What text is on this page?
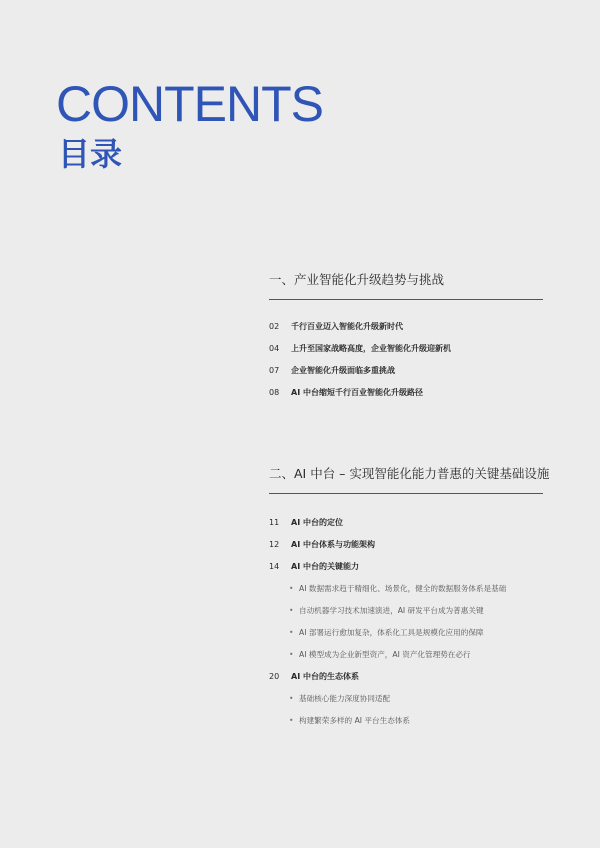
CONTENTS
目录
一、产业智能化升级趋势与挑战
02 千行百业迈入智能化升级新时代
04 上升至国家战略高度，企业智能化升级迎新机
07 企业智能化升级面临多重挑战
08 AI 中台缩短千行百业智能化升级路径
二、AI 中台 – 实现智能化能力普惠的关键基础设施
11 AI 中台的定位
12 AI 中台体系与功能架构
14 AI 中台的关键能力
• AI 数据需求趋于精细化、场景化，健全的数据服务体系是基础
• 自动机器学习技术加速演进，AI 研发平台成为普惠关键
• AI 部署运行愈加复杂，体系化工具是规模化应用的保障
• AI 模型成为企业新型资产，AI 资产化管理势在必行
20 AI 中台的生态体系
• 基础核心能力深度协同适配
• 构建繁荣多样的 AI 平台生态体系
